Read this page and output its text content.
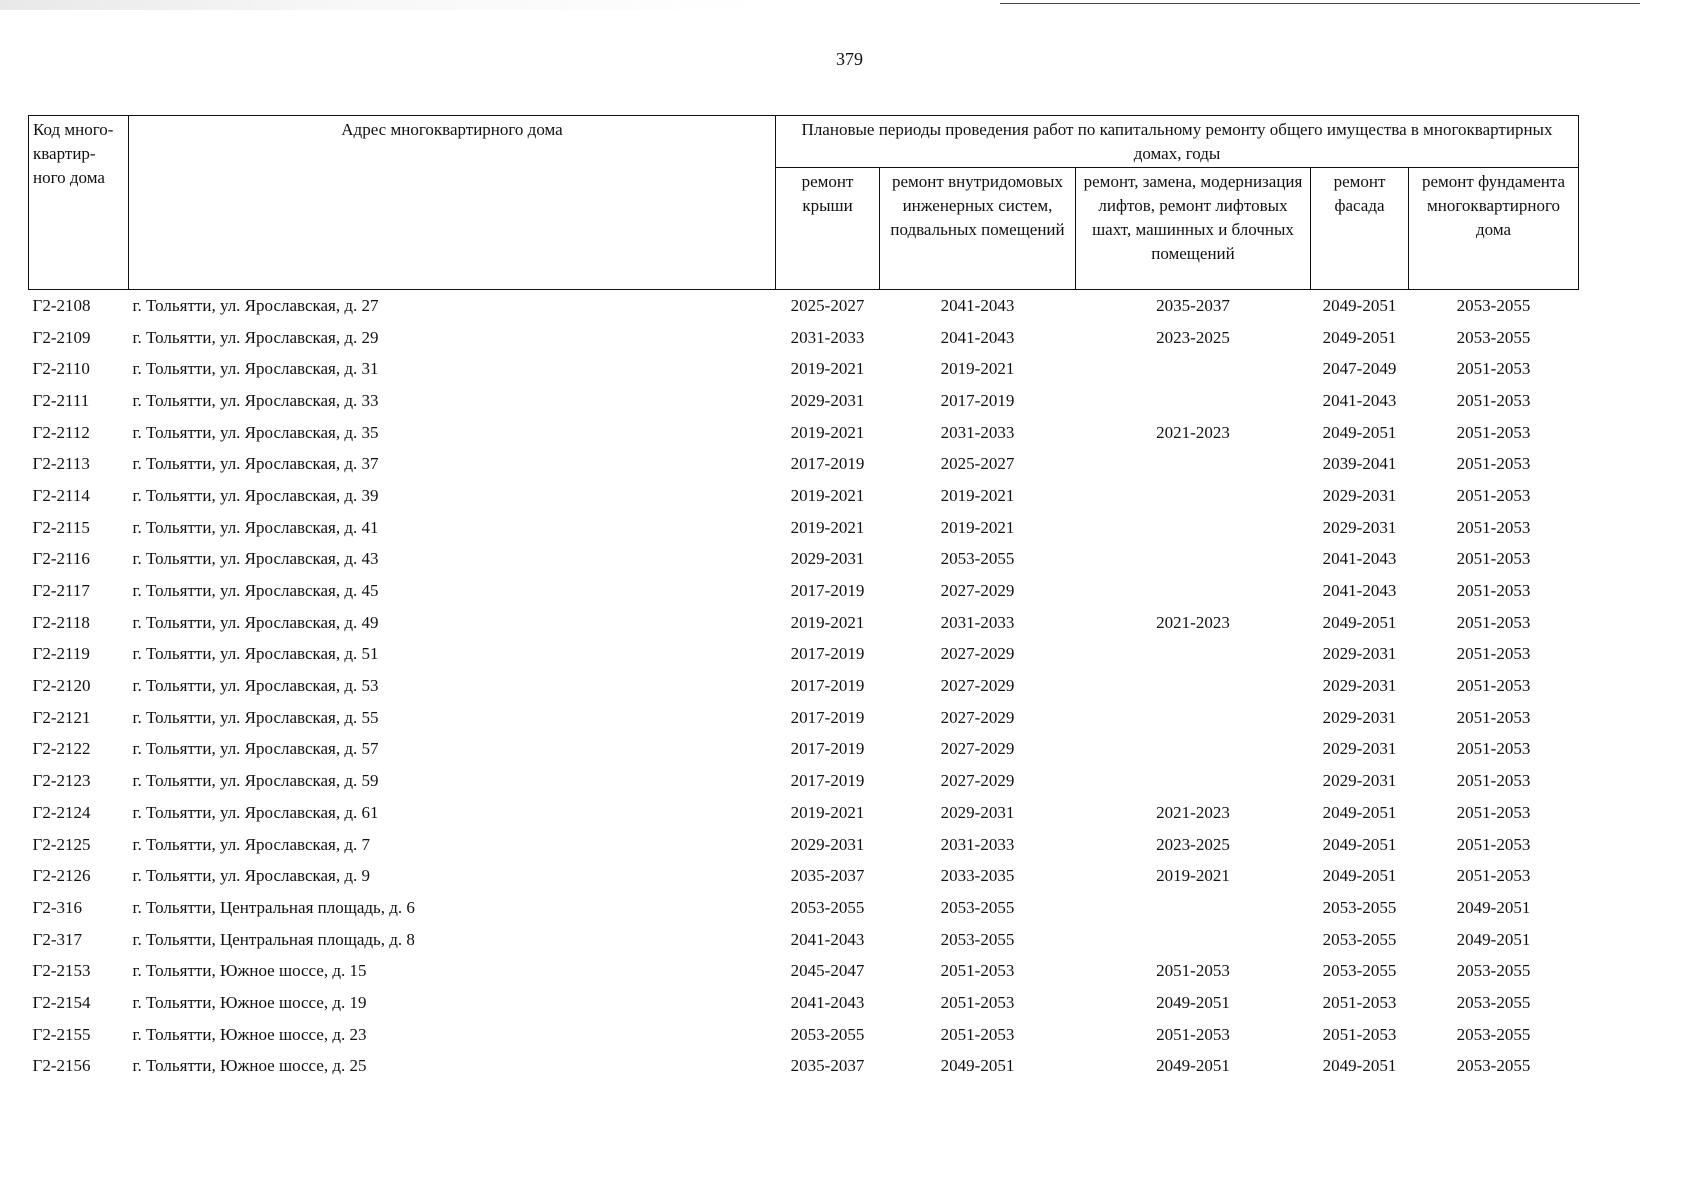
379
Код много-квартир-ного дома	Адрес многоквартирного дома	Плановые периоды проведения работ по капитальному ремонту общего имущества в многоквартирных домах, годы				
		ремонт крыши	ремонт внутридомовых инженерных систем, подвальных помещений	ремонт, замена, модернизация лифтов, ремонт лифтовых шахт, машинных и блочных помещений	ремонт фасада	ремонт фундамента многоквартирного дома
Г2-2108	г. Тольятти, ул. Ярославская, д. 27	2025-2027	2041-2043	2035-2037	2049-2051	2053-2055
Г2-2109	г. Тольятти, ул. Ярославская, д. 29	2031-2033	2041-2043	2023-2025	2049-2051	2053-2055
Г2-2110	г. Тольятти, ул. Ярославская, д. 31	2019-2021	2019-2021		2047-2049	2051-2053
Г2-2111	г. Тольятти, ул. Ярославская, д. 33	2029-2031	2017-2019		2041-2043	2051-2053
Г2-2112	г. Тольятти, ул. Ярославская, д. 35	2019-2021	2031-2033	2021-2023	2049-2051	2051-2053
Г2-2113	г. Тольятти, ул. Ярославская, д. 37	2017-2019	2025-2027		2039-2041	2051-2053
Г2-2114	г. Тольятти, ул. Ярославская, д. 39	2019-2021	2019-2021		2029-2031	2051-2053
Г2-2115	г. Тольятти, ул. Ярославская, д. 41	2019-2021	2019-2021		2029-2031	2051-2053
Г2-2116	г. Тольятти, ул. Ярославская, д. 43	2029-2031	2053-2055		2041-2043	2051-2053
Г2-2117	г. Тольятти, ул. Ярославская, д. 45	2017-2019	2027-2029		2041-2043	2051-2053
Г2-2118	г. Тольятти, ул. Ярославская, д. 49	2019-2021	2031-2033	2021-2023	2049-2051	2051-2053
Г2-2119	г. Тольятти, ул. Ярославская, д. 51	2017-2019	2027-2029		2029-2031	2051-2053
Г2-2120	г. Тольятти, ул. Ярославская, д. 53	2017-2019	2027-2029		2029-2031	2051-2053
Г2-2121	г. Тольятти, ул. Ярославская, д. 55	2017-2019	2027-2029		2029-2031	2051-2053
Г2-2122	г. Тольятти, ул. Ярославская, д. 57	2017-2019	2027-2029		2029-2031	2051-2053
Г2-2123	г. Тольятти, ул. Ярославская, д. 59	2017-2019	2027-2029		2029-2031	2051-2053
Г2-2124	г. Тольятти, ул. Ярославская, д. 61	2019-2021	2029-2031	2021-2023	2049-2051	2051-2053
Г2-2125	г. Тольятти, ул. Ярославская, д. 7	2029-2031	2031-2033	2023-2025	2049-2051	2051-2053
Г2-2126	г. Тольятти, ул. Ярославская, д. 9	2035-2037	2033-2035	2019-2021	2049-2051	2051-2053
Г2-316	г. Тольятти, Центральная площадь, д. 6	2053-2055	2053-2055		2053-2055	2049-2051
Г2-317	г. Тольятти, Центральная площадь, д. 8	2041-2043	2053-2055		2053-2055	2049-2051
Г2-2153	г. Тольятти, Южное шоссе, д. 15	2045-2047	2051-2053	2051-2053	2053-2055	2053-2055
Г2-2154	г. Тольятти, Южное шоссе, д. 19	2041-2043	2051-2053	2049-2051	2051-2053	2053-2055
Г2-2155	г. Тольятти, Южное шоссе, д. 23	2053-2055	2051-2053	2051-2053	2051-2053	2053-2055
Г2-2156	г. Тольятти, Южное шоссе, д. 25	2035-2037	2049-2051	2049-2051	2049-2051	2053-2055
